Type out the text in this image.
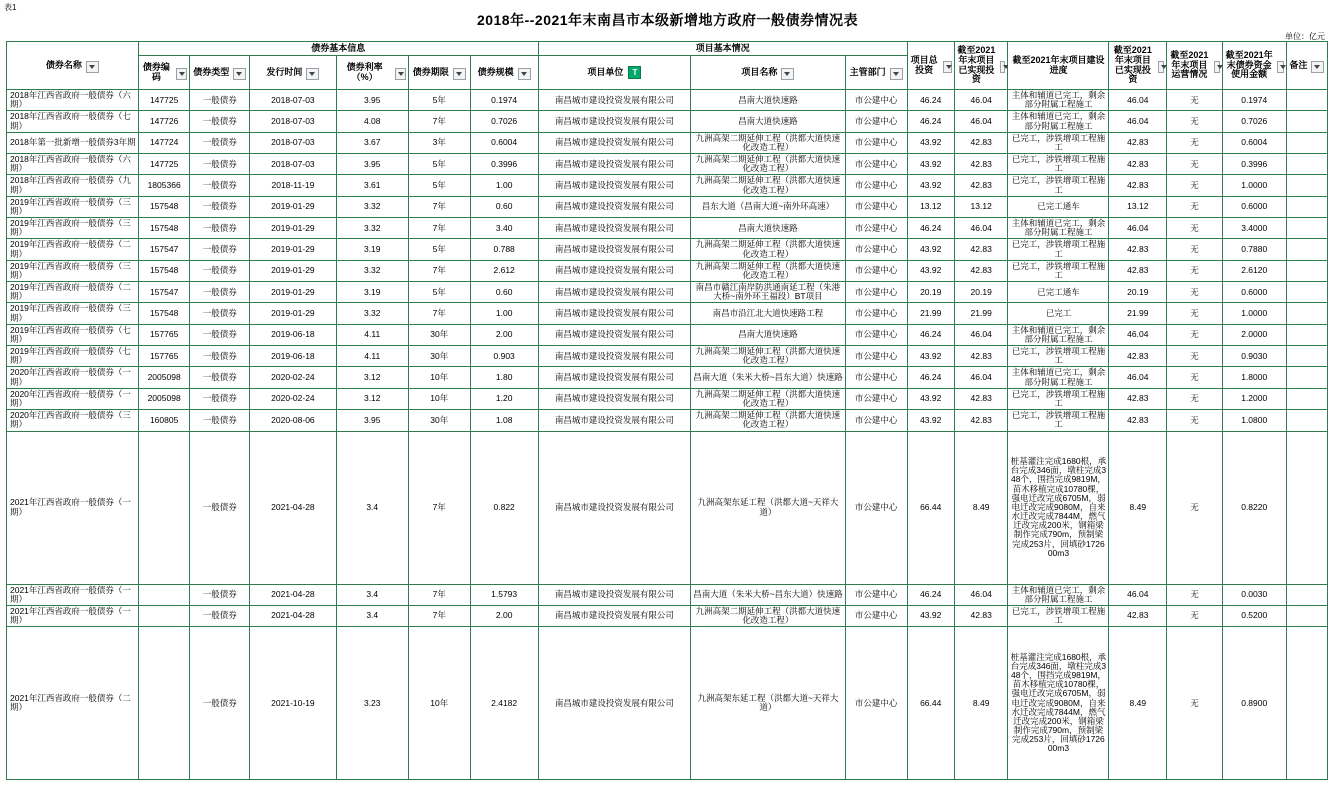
表1
2018年--2021年末南昌市本级新增地方政府一般债券情况表
单位：亿元
债券名称	债券基本信息						项目基本情况			项目总投资	截至2021年末项目已实现投资	截至2021年末项目建设进度	截至2021年末项目已实现投资	截至2021年末项目运营情况	截至2021年末债券资金使用金额	备注

	债券编码	债券类型	发行时间	债券利率（%）	债券期限	债券规模	项目单位 T	项目名称	主管部门							

2018年江西省政府一般债券（六期）	147725	一般债券	2018-07-03	3.95	5年	0.1974	南昌城市建设投资发展有限公司	昌南大道快速路	市公建中心	46.24	46.04	主体和辅道已完工，剩余部分附属工程施工	46.04	无	0.1974	
2018年江西省政府一般债券（七期）	147726	一般债券	2018-07-03	4.08	7年	0.7026	南昌城市建设投资发展有限公司	昌南大道快速路	市公建中心	46.24	46.04	主体和辅道已完工，剩余部分附属工程施工	46.04	无	0.7026	
2018年第一批新增一般债券3年期	147724	一般债券	2018-07-03	3.67	3年	0.6004	南昌城市建设投资发展有限公司	九洲高架二期延伸工程（洪都大道快速化改造工程）	市公建中心	43.92	42.83	已完工，涉铁增项工程施工	42.83	无	0.6004	
2018年江西省政府一般债券（六期）	147725	一般债券	2018-07-03	3.95	5年	0.3996	南昌城市建设投资发展有限公司	九洲高架二期延伸工程（洪都大道快速化改造工程）	市公建中心	43.92	42.83	已完工，涉铁增项工程施工	42.83	无	0.3996	
2018年江西省政府一般债券（九期）	1805366	一般债券	2018-11-19	3.61	5年	1.00	南昌城市建设投资发展有限公司	九洲高架二期延伸工程（洪都大道快速化改造工程）	市公建中心	43.92	42.83	已完工，涉铁增项工程施工	42.83	无	1.0000	
2019年江西省政府一般债券（三期）	157548	一般债券	2019-01-29	3.32	7年	0.60	南昌城市建设投资发展有限公司	昌东大道（昌南大道~南外环高速）	市公建中心	13.12	13.12	已完工通车	13.12	无	0.6000	
2019年江西省政府一般债券（三期）	157548	一般债券	2019-01-29	3.32	7年	3.40	南昌城市建设投资发展有限公司	昌南大道快速路	市公建中心	46.24	46.04	主体和辅道已完工，剩余部分附属工程施工	46.04	无	3.4000	
2019年江西省政府一般债券（二期）	157547	一般债券	2019-01-29	3.19	5年	0.788	南昌城市建设投资发展有限公司	九洲高架二期延伸工程（洪都大道快速化改造工程）	市公建中心	43.92	42.83	已完工，涉铁增项工程施工	42.83	无	0.7880	
2019年江西省政府一般债券（三期）	157548	一般债券	2019-01-29	3.32	7年	2.612	南昌城市建设投资发展有限公司	九洲高架二期延伸工程（洪都大道快速化改造工程）	市公建中心	43.92	42.83	已完工，涉铁增项工程施工	42.83	无	2.6120	
2019年江西省政府一般债券（二期）	157547	一般债券	2019-01-29	3.19	5年	0.60	南昌城市建设投资发展有限公司	南昌市赣江南岸防洪通南延工程（朱港大桥~南外环王福段）BT项目	市公建中心	20.19	20.19	已完工通车	20.19	无	0.6000	
2019年江西省政府一般债券（三期）	157548	一般债券	2019-01-29	3.32	7年	1.00	南昌城市建设投资发展有限公司	南昌市沿江北大道快速路工程	市公建中心	21.99	21.99	已完工	21.99	无	1.0000	
2019年江西省政府一般债券（七期）	157765	一般债券	2019-06-18	4.11	30年	2.00	南昌城市建设投资发展有限公司	昌南大道快速路	市公建中心	46.24	46.04	主体和辅道已完工，剩余部分附属工程施工	46.04	无	2.0000	
2019年江西省政府一般债券（七期）	157765	一般债券	2019-06-18	4.11	30年	0.903	南昌城市建设投资发展有限公司	九洲高架二期延伸工程（洪都大道快速化改造工程）	市公建中心	43.92	42.83	已完工，涉铁增项工程施工	42.83	无	0.9030	
2020年江西省政府一般债券（一期）	2005098	一般债券	2020-02-24	3.12	10年	1.80	南昌城市建设投资发展有限公司	昌南大道（朱米大桥~昌东大道）快速路	市公建中心	46.24	46.04	主体和辅道已完工，剩余部分附属工程施工	46.04	无	1.8000	
2020年江西省政府一般债券（一期）	2005098	一般债券	2020-02-24	3.12	10年	1.20	南昌城市建设投资发展有限公司	九洲高架二期延伸工程（洪都大道快速化改造工程）	市公建中心	43.92	42.83	已完工，涉铁增项工程施工	42.83	无	1.2000	
2020年江西省政府一般债券（三期）	160805	一般债券	2020-08-06	3.95	30年	1.08	南昌城市建设投资发展有限公司	九洲高架二期延伸工程（洪都大道快速化改造工程）	市公建中心	43.92	42.83	已完工，涉铁增项工程施工	42.83	无	1.0800	
2021年江西省政府一般债券（一期）		一般债券	2021-04-28	3.4	7年	0.822	南昌城市建设投资发展有限公司	九洲高架东延工程（洪都大道~天祥大道）	市公建中心	66.44	8.49	桩基灌注完成1680根，承台完成346面，墩柱完成348个，围挡完成9819M，苗木移植完成10780棵，强电迁改完成6705M，弱电迁改完成9080M，自来水迁改完成7844M，燃气迁改完成200米，钢箱梁制作完成790m，预制梁完成253片，回填砂172600m3	8.49	无	0.8220	
2021年江西省政府一般债券（一期）		一般债券	2021-04-28	3.4	7年	1.5793	南昌城市建设投资发展有限公司	昌南大道（朱米大桥~昌东大道）快速路	市公建中心	46.24	46.04	主体和辅道已完工，剩余部分附属工程施工	46.04	无	0.0030	
2021年江西省政府一般债券（一期）		一般债券	2021-04-28	3.4	7年	2.00	南昌城市建设投资发展有限公司	九洲高架二期延伸工程（洪都大道快速化改造工程）	市公建中心	43.92	42.83	已完工，涉铁增项工程施工	42.83	无	0.5200	
2021年江西省政府一般债券（二期）		一般债券	2021-10-19	3.23	10年	2.4182	南昌城市建设投资发展有限公司	九洲高架东延工程（洪都大道~天祥大道）	市公建中心	66.44	8.49	桩基灌注完成1680根，承台完成346面，墩柱完成348个，围挡完成9819M，苗木移植完成10780棵，强电迁改完成6705M，弱电迁改完成9080M，自来水迁改完成7844M，燃气迁改完成200米，钢箱梁制作完成790m，预制梁完成253片，回填砂172600m3	8.49	无	0.8900	
